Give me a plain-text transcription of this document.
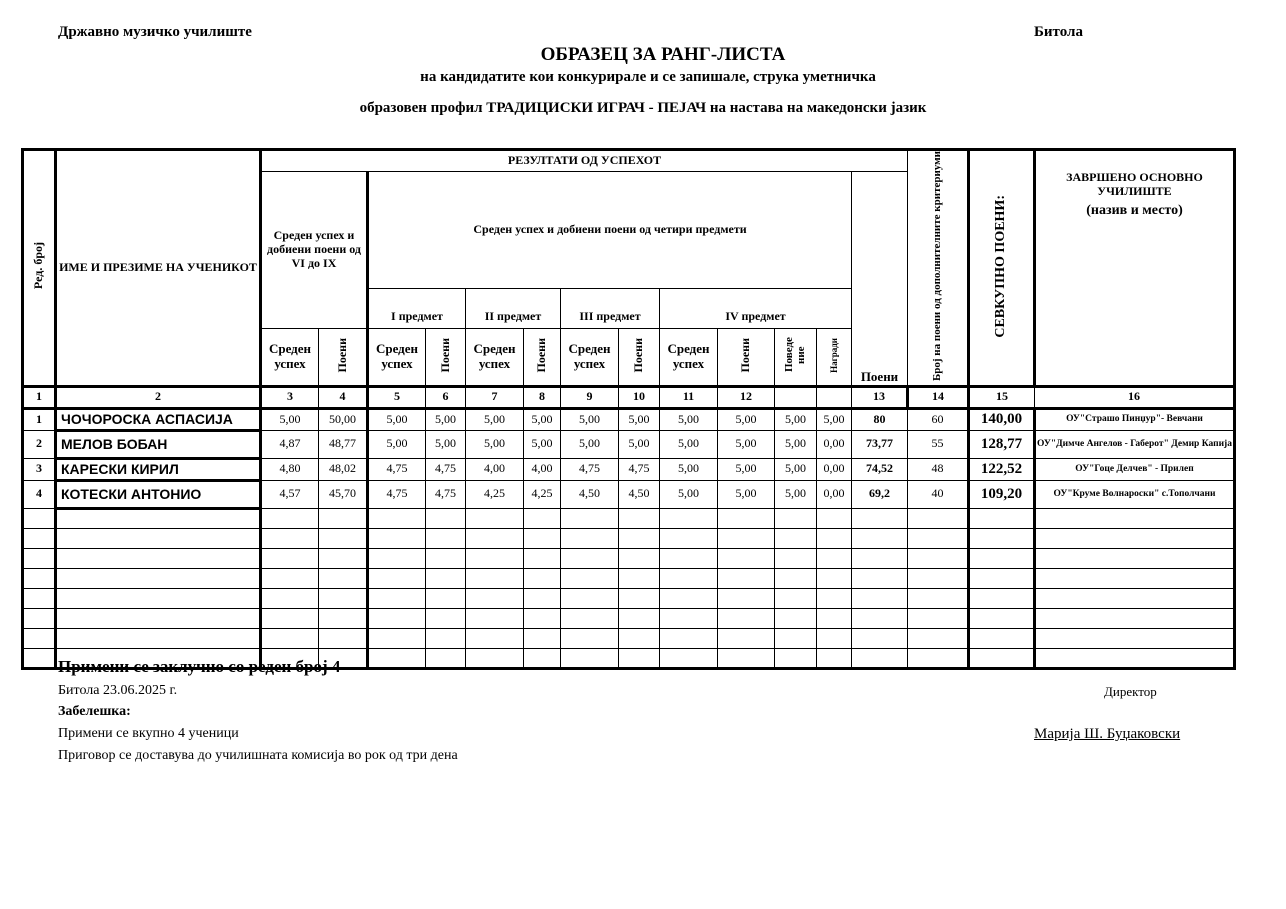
Државно музичко училиште	Битола
ОБРАЗЕЦ ЗА РАНГ-ЛИСТА
на кандидатите кои конкурирале и се запишале, струка уметничка
образовен профил ТРАДИЦИСКИ ИГРАЧ - ПЕЈАЧ на настава на македонски јазик
Ред. број	ИМЕ И ПРЕЗИМЕ НА УЧЕНИКОТ	РЕЗУЛТАТИ ОД УСПЕХОТ													Број на поени од дополнителните критериуми	СЕВКУПНО ПОЕНИ:	ЗАВРШЕНО ОСНОВНО УЧИЛИШТЕ
(назив и место)

		Среден успех и добиени поени од VI до IX		Среден успех и добиени поени од четири предмети										Поени			
				I предмет		II предмет		III предмет		IV предмет							
		Среден успех	Поени	Среден успех	Поени	Среден успех	Поени	Среден успех	Поени	Среден успех	Поени	Поведе ние	Награди				
1	2	3	4	5	6	7	8	9	10	11	12			13	14	15	16
1	ЧОЧОРОСКА АСПАСИЈА	5,00	50,00	5,00	5,00	5,00	5,00	5,00	5,00	5,00	5,00	5,00	5,00	80	60	140,00	ОУ"Страшо Пинџур"- Вевчани
2	МЕЛОВ БОБАН	4,87	48,77	5,00	5,00	5,00	5,00	5,00	5,00	5,00	5,00	5,00	0,00	73,77	55	128,77	ОУ"Димче Ангелов - Габерот" Демир Капија
3	КАРЕСКИ КИРИЛ	4,80	48,02	4,75	4,75	4,00	4,00	4,75	4,75	5,00	5,00	5,00	0,00	74,52	48	122,52	ОУ"Гоце Делчев" - Прилеп
4	КОТЕСКИ АНТОНИО	4,57	45,70	4,75	4,75	4,25	4,25	4,50	4,50	5,00	5,00	5,00	0,00	69,2	40	109,20	ОУ"Круме Волнароски" с.Тополчани

Примени се заклучно со реден број 4
Битола 23.06.2025 г.
Забелешка:
Примени се вкупно 4 ученици
Приговор се доставува до училишната комисија во рок од три дена
Директор
Марија Ш. Буџаковски
